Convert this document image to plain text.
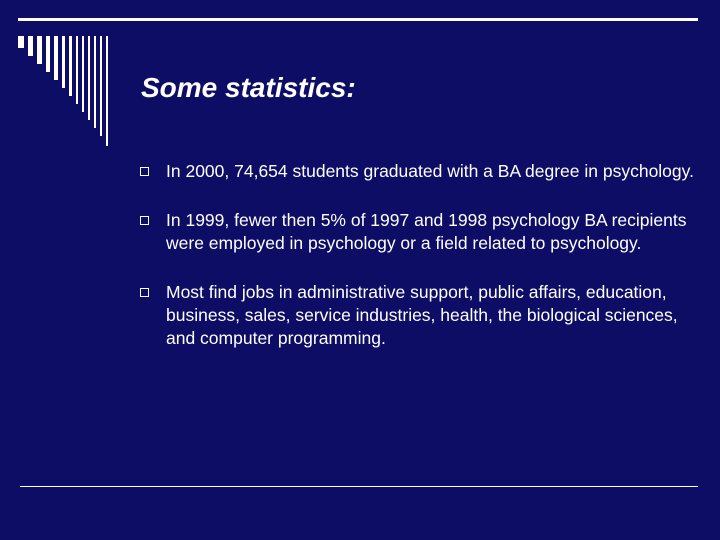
Some statistics:
In 2000, 74,654 students graduated with a BA degree in psychology.
In 1999, fewer then 5% of 1997 and 1998 psychology BA recipients were employed in psychology or a field related to psychology.
Most find jobs in administrative support, public affairs, education, business, sales, service industries, health, the biological sciences, and computer programming.
